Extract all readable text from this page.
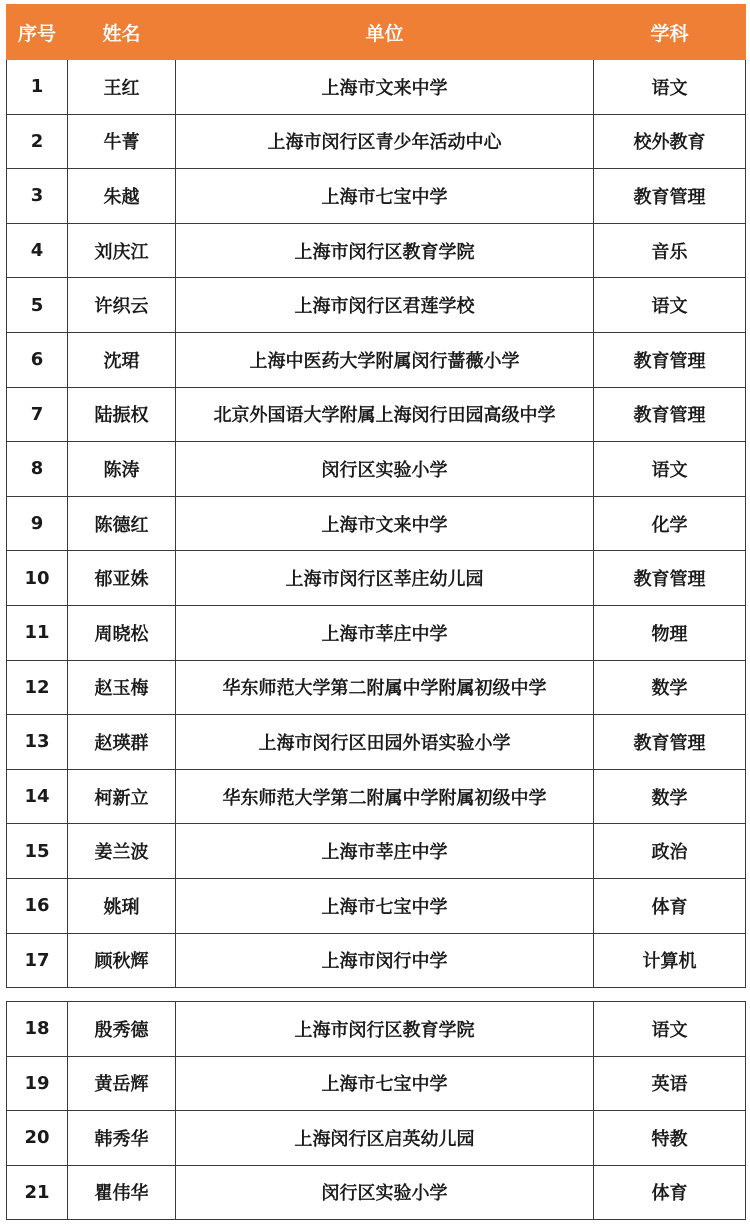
序号	姓名	单位	学科
1	王红	上海市文来中学	语文
2	牛菁	上海市闵行区青少年活动中心	校外教育
3	朱越	上海市七宝中学	教育管理
4	刘庆江	上海市闵行区教育学院	音乐
5	许织云	上海市闵行区君莲学校	语文
6	沈珺	上海中医药大学附属闵行蔷薇小学	教育管理
7	陆振权	北京外国语大学附属上海闵行田园高级中学	教育管理
8	陈涛	闵行区实验小学	语文
9	陈德红	上海市文来中学	化学
10	郁亚姝	上海市闵行区莘庄幼儿园	教育管理
11	周晓松	上海市莘庄中学	物理
12	赵玉梅	华东师范大学第二附属中学附属初级中学	数学
13	赵瑛群	上海市闵行区田园外语实验小学	教育管理
14	柯新立	华东师范大学第二附属中学附属初级中学	数学
15	姜兰波	上海市莘庄中学	政治
16	姚琍	上海市七宝中学	体育
17	顾秋辉	上海市闵行中学	计算机
18	殷秀德	上海市闵行区教育学院	语文
19	黄岳辉	上海市七宝中学	英语
20	韩秀华	上海闵行区启英幼儿园	特教
21	瞿伟华	闵行区实验小学	体育
